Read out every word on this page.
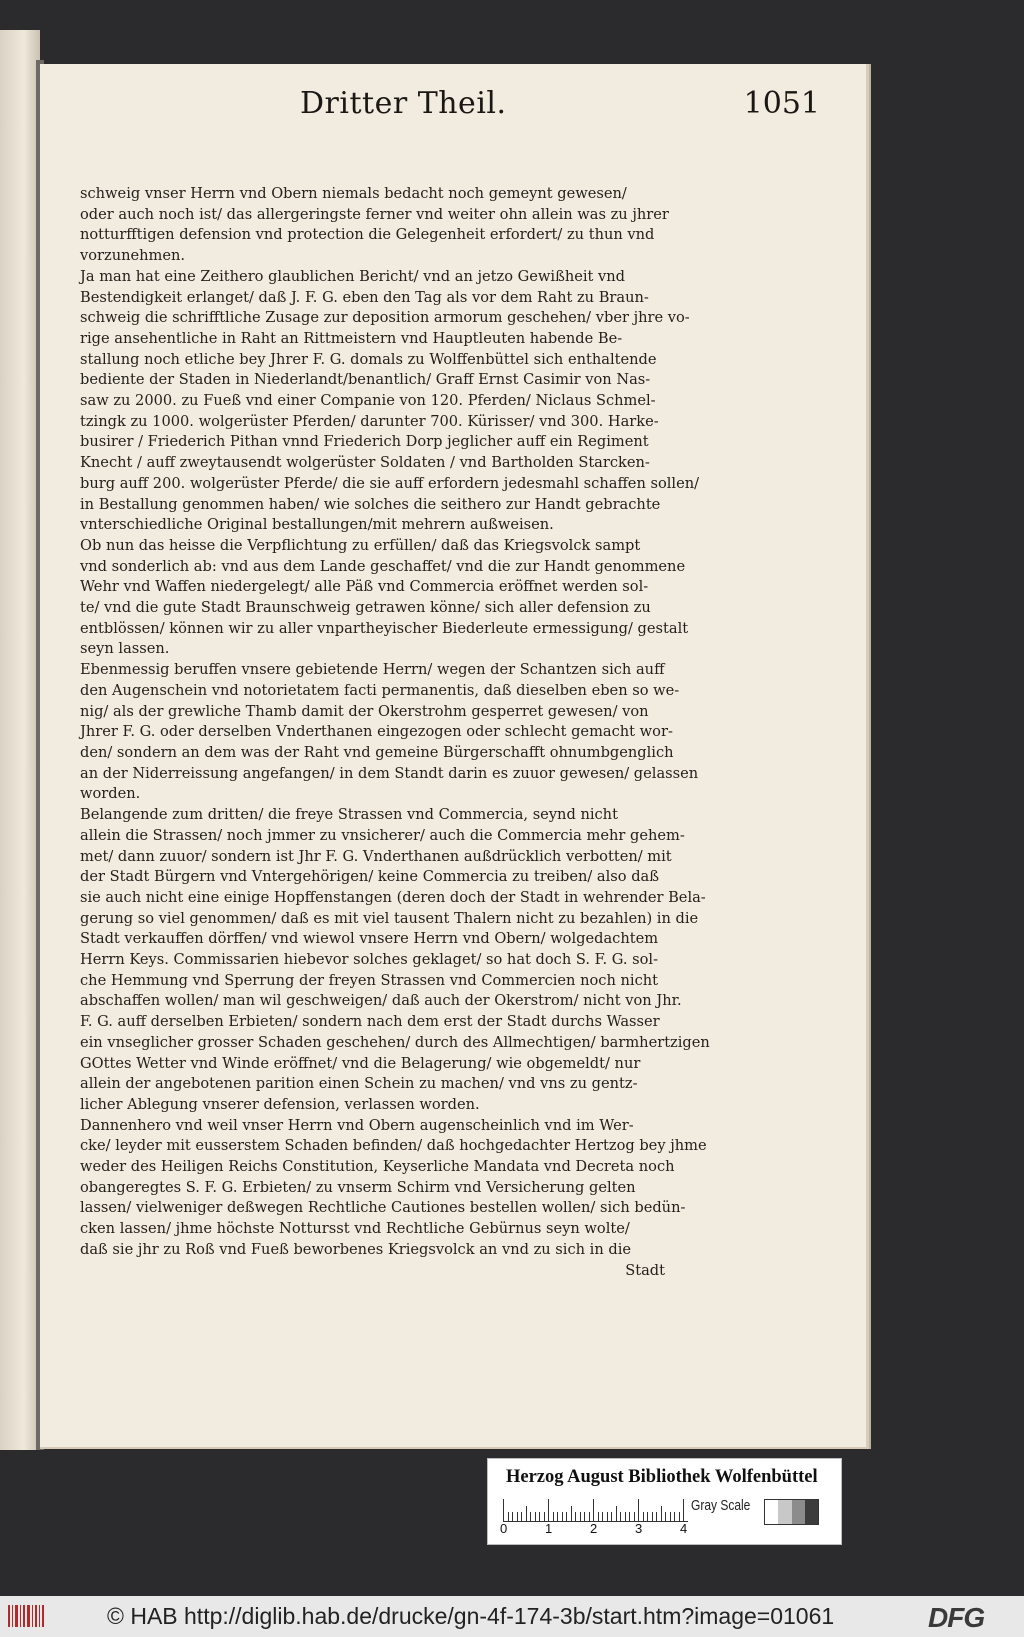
Dritter Theil.	1051
schweig vnser Herrn vnd Obern niemals bedacht noch gemeynt gewesen/
oder auch noch ist/ das allergeringste ferner vnd weiter ohn allein was zu jhrer
notturfftigen defension vnd protection die Gelegenheit erfordert/ zu thun vnd
vorzunehmen.
Ja man hat eine Zeithero glaublichen Bericht/ vnd an jetzo Gewißheit vnd
Bestendigkeit erlanget/ daß J. F. G. eben den Tag als vor dem Raht zu Braun-
schweig die schrifftliche Zusage zur deposition armorum geschehen/ vber jhre vo-
rige ansehentliche in Raht an Rittmeistern vnd Hauptleuten habende Be-
stallung noch etliche bey Jhrer F. G. domals zu Wolffenbüttel sich enthaltende
bediente der Staden in Niederlandt/benantlich/ Graff Ernst Casimir von Nas-
saw zu 2000. zu Fueß vnd einer Companie von 120. Pferden/ Niclaus Schmel-
tzingk zu 1000. wolgerüster Pferden/ darunter 700. Kürisser/ vnd 300. Harke-
busirer / Friederich Pithan vnnd Friederich Dorp jeglicher auff ein Regiment
Knecht / auff zweytausendt wolgerüster Soldaten / vnd Bartholden Starcken-
burg auff 200. wolgerüster Pferde/ die sie auff erfordern jedesmahl schaffen sollen/
in Bestallung genommen haben/ wie solches die seithero zur Handt gebrachte
vnterschiedliche Original bestallungen/mit mehrern außweisen.
Ob nun das heisse die Verpflichtung zu erfüllen/ daß das Kriegsvolck sampt
vnd sonderlich ab: vnd aus dem Lande geschaffet/ vnd die zur Handt genommene
Wehr vnd Waffen niedergelegt/ alle Päß vnd Commercia eröffnet werden sol-
te/ vnd die gute Stadt Braunschweig getrawen könne/ sich aller defension zu
entblössen/ können wir zu aller vnpartheyischer Biederleute ermessigung/ gestalt
seyn lassen.
Ebenmessig beruffen vnsere gebietende Herrn/ wegen der Schantzen sich auff
den Augenschein vnd notorietatem facti permanentis, daß dieselben eben so we-
nig/ als der grewliche Thamb damit der Okerstrohm gesperret gewesen/ von
Jhrer F. G. oder derselben Vnderthanen eingezogen oder schlecht gemacht wor-
den/ sondern an dem was der Raht vnd gemeine Bürgerschafft ohnumbgenglich
an der Niderreissung angefangen/ in dem Standt darin es zuuor gewesen/ gelassen
worden.
Belangende zum dritten/ die freye Strassen vnd Commercia, seynd nicht
allein die Strassen/ noch jmmer zu vnsicherer/ auch die Commercia mehr gehem-
met/ dann zuuor/ sondern ist Jhr F. G. Vnderthanen außdrücklich verbotten/ mit
der Stadt Bürgern vnd Vntergehörigen/ keine Commercia zu treiben/ also daß
sie auch nicht eine einige Hopffenstangen (deren doch der Stadt in wehrender Bela-
gerung so viel genommen/ daß es mit viel tausent Thalern nicht zu bezahlen) in die
Stadt verkauffen dörffen/ vnd wiewol vnsere Herrn vnd Obern/ wolgedachtem
Herrn Keys. Commissarien hiebevor solches geklaget/ so hat doch S. F. G. sol-
che Hemmung vnd Sperrung der freyen Strassen vnd Commercien noch nicht
abschaffen wollen/ man wil geschweigen/ daß auch der Okerstrom/ nicht von Jhr.
F. G. auff derselben Erbieten/ sondern nach dem erst der Stadt durchs Wasser
ein vnseglicher grosser Schaden geschehen/ durch des Allmechtigen/ barmhertzigen
GOttes Wetter vnd Winde eröffnet/ vnd die Belagerung/ wie obgemeldt/ nur
allein der angebotenen parition einen Schein zu machen/ vnd vns zu gentz-
licher Ablegung vnserer defension, verlassen worden.
Dannenhero vnd weil vnser Herrn vnd Obern augenscheinlich vnd im Wer-
cke/ leyder mit eusserstem Schaden befinden/ daß hochgedachter Hertzog bey jhme
weder des Heiligen Reichs Constitution, Keyserliche Mandata vnd Decreta noch
obangeregtes S. F. G. Erbieten/ zu vnserm Schirm vnd Versicherung gelten
lassen/ vielweniger deßwegen Rechtliche Cautiones bestellen wollen/ sich bedün-
cken lassen/ jhme höchste Nottursst vnd Rechtliche Gebürnus seyn wolte/
daß sie jhr zu Roß vnd Fueß beworbenes Kriegsvolck an vnd zu sich in die
Stadt
Herzog August Bibliothek Wolfenbüttel
0	1	2	3	4
Gray Scale
© HAB http://diglib.hab.de/drucke/gn-4f-174-3b/start.htm?image=01061	DFG
